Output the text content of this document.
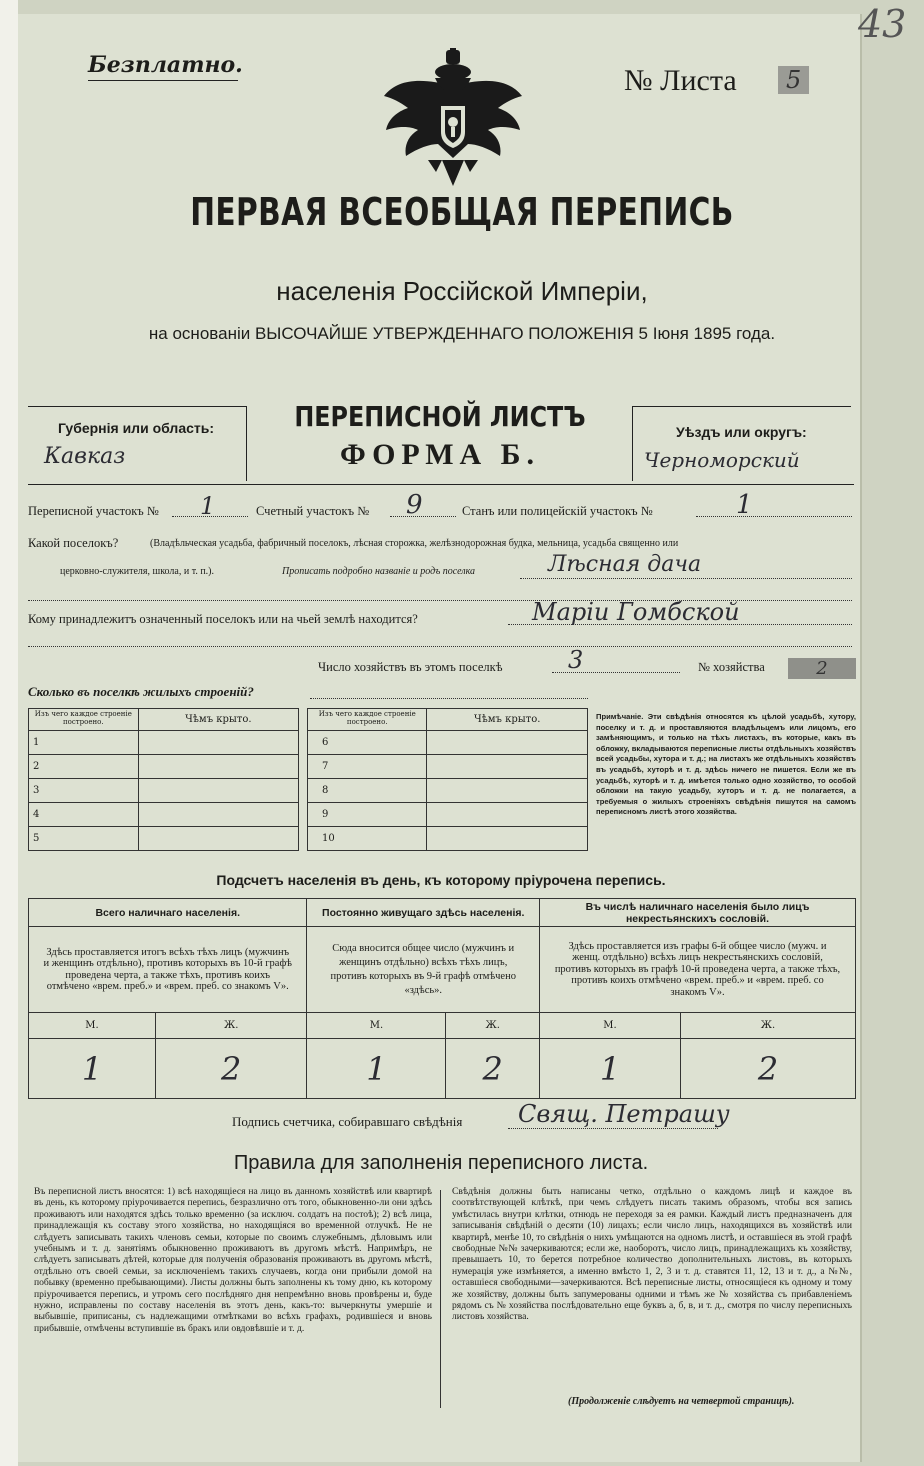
43
Безплатно.	№ Листа	5
ПЕРВАЯ ВСЕОБЩАЯ ПЕРЕПИСЬ
населенія Россійской Имперіи,
на основаніи ВЫСОЧАЙШЕ УТВЕРЖДЕННАГО ПОЛОЖЕНІЯ 5 Іюня 1895 года.
Губернія или область:
Кавказ
ПЕРЕПИСНОЙ ЛИСТЪ
ФОРМА Б.
Уѣздъ или округъ:
Черноморский
Переписной участокъ № 1	Счетный участокъ № 9	Станъ или полицейскій участокъ №	1
Какой поселокъ?	(Владѣльческая усадьба, фабричный поселокъ, лѣсная сторожка, желѣзнодорожная будка, мельница, усадьба священно или
церковно-служителя, школа, и т. п.).	Прописать подробно названіе и родъ поселка	Лѣсная дача
Кому принадлежитъ означенный поселокъ или на чьей землѣ находится?	Марiи Гомбской
Число хозяйствъ въ этомъ поселкѣ	3	№ хозяйства	2
Сколько въ поселкѣ жилыхъ строеній?
Изъ чего каждое строеніе построено.	Чѣмъ крыто.		Изъ чего каждое строеніе построено.	Чѣмъ крыто.
1			6	
2			7	
3			8	
4			9	
5			10	
Примѣчаніе. Эти свѣдѣнія относятся къ цѣлой усадьбѣ, хутору, поселку и т. д. и проставляются владѣльцемъ или лицомъ, его замѣняющимъ, и только на тѣхъ листахъ, въ которые, какъ въ обложку, вкладываются переписные листы отдѣльныхъ хозяйствъ всей усадьбы, хутора и т. д.; на листахъ же отдѣльныхъ хозяйствъ въ усадьбѣ, хуторѣ и т. д. здѣсь ничего не пишется. Если же въ усадьбѣ, хуторѣ и т. д. имѣется только одно хозяйство, то особой обложки на такую усадьбу, хуторъ и т. д. не полагается, а требуемыя о жилыхъ строеніяхъ свѣдѣнія пишутся на самомъ переписномъ листѣ этого хозяйства.
Подсчетъ населенія въ день, къ которому пріурочена перепись.
Всего наличнаго населенія.		Постоянно живущаго здѣсь населенія.		Въ числѣ наличнаго населенія было лицъ некрестьянскихъ сословій.	
Здѣсь проставляется итогъ всѣхъ тѣхъ лицъ (мужчинъ и женщинъ отдѣльно), противъ которыхъ въ 10-й графѣ проведена черта, а также тѣхъ, противъ коихъ отмѣчено «врем. преб.» и «врем. преб. со знакомъ V».		Сюда вносится общее число (мужчинъ и женщинъ отдѣльно) всѣхъ тѣхъ лицъ, противъ которыхъ въ 9-й графѣ отмѣчено «здѣсь».		Здѣсь проставляется изъ графы 6-й общее число (мужч. и женщ. отдѣльно) всѣхъ лицъ некрестьянскихъ сословій, противъ которыхъ въ графѣ 10-й проведена черта, а также тѣхъ, противъ коихъ отмѣчено «врем. преб.» и «врем. преб. со знакомъ V».	
М.	Ж.	М.	Ж.	М.	Ж.
1	2	1	2	1	2
Подпись счетчика, собиравшаго свѣдѣнія Свящ. Петрашу
Правила для заполненія переписного листа.
Въ переписной листъ вносятся: 1) всѣ находящіеся на лицо въ данномъ хозяйствѣ или квартирѣ въ день, къ которому пріурочивается перепись, безразлично отъ того, обыкновенно-ли они здѣсь проживаютъ или находятся здѣсь только временно (за исключ. солдатъ на постоѣ); 2) всѣ лица, принадлежащія къ составу этого хозяйства, но находящіяся во временной отлучкѣ. Не не слѣдуетъ записывать такихъ членовъ семьи, которые по своимъ служебнымъ, дѣловымъ или учебнымъ и т. д. занятіямъ обыкновенно проживаютъ въ другомъ мѣстѣ. Напримѣръ, не слѣдуетъ записывать дѣтей, которые для полученія образованія проживаютъ въ другомъ мѣстѣ, отдѣльно отъ своей семьи, за исключеніемъ такихъ случаевъ, когда они прибыли домой на побывку (временно пребывающими). Листы должны быть заполнены къ тому дню, къ которому пріурочивается перепись, и утромъ сего послѣдняго дня непремѣнно вновь провѣрены и, буде нужно, исправлены по составу населенія въ этотъ день, какъ-то: вычеркнуты умершіе и выбывшіе, приписаны, съ надлежащими отмѣтками во всѣхъ графахъ, родившіеся и вновь прибывшіе, отмѣчены вступившіе въ бракъ или овдовѣвшіе и т. д.
Свѣдѣнія должны быть написаны четко, отдѣльно о каждомъ лицѣ и каждое въ соотвѣтствующей клѣткѣ, при чемъ слѣдуетъ писать такимъ образомъ, чтобы вся запись умѣстилась внутри клѣтки, отнюдь не переходя за ея рамки. Каждый листъ предназначенъ для записыванія свѣдѣній о десяти (10) лицахъ; если число лицъ, находящихся въ хозяйствѣ или квартирѣ, менѣе 10, то свѣдѣнія о нихъ умѣщаются на одномъ листѣ, и оставшіеся въ этой графѣ свободные №№ зачеркиваются; если же, наоборотъ, число лицъ, принадлежащихъ къ хозяйству, превышаетъ 10, то берется потребное количество дополнительныхъ листовъ, въ которыхъ нумерація уже измѣняется, а именно вмѣсто 1, 2, 3 и т. д. ставятся 11, 12, 13 и т. д., а №№, оставшіеся свободными—зачеркиваются. Всѣ переписные листы, относящіеся къ одному и тому же хозяйству, должны быть запумерованы одними и тѣмъ же № хозяйства съ прибавленіемъ рядомъ съ № хозяйства послѣдовательно еще буквъ а, б, в, и т. д., смотря по числу переписныхъ листовъ хозяйства.
(Продолженіе слѣдуетъ на четвертой страницѣ).
